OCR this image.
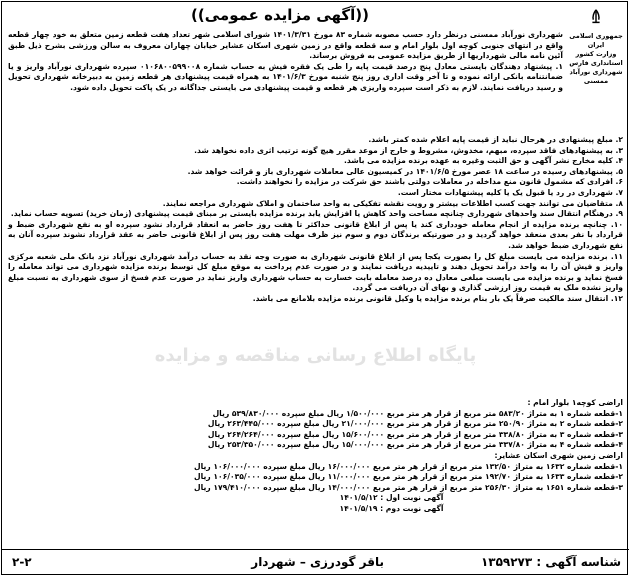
جمهوری اسلامی ایران
وزارت کشور
استانداری فارس
شهرداری نورآباد ممسنی
((آگهی مزایده عمومی))

شهرداری نورآباد ممسنی درنظر دارد حسب مصوبه شماره ۸۳ مورخ ۱۴۰۱/۳/۳۱ شورای اسلامی شهر تعداد هفت قطعه زمین متعلق به خود چهار قطعه واقع در انتهای جنوبی کوچه اول بلوار امام و سه قطعه واقع در زمین شهری اسکان عشایر خیابان چهاران معروف به سالن ورزشی بشرح ذیل طبق آئین نامه مالی شهرداریها از طریق مزایده عمومی به فروش برساند.

۱. پیشنهاد دهندگان بایستی معادل پنج درصد قیمت پایه را طی یک فقره فیش به حساب شماره ۰۱۰۶۸۰۰۵۹۹۰۰۸ سپرده شهرداری نورآباد واریز و یا ضمانتنامه بانکی ارائه نموده و تا آخر وقت اداری روز پنج شنبه مورخ ۱۴۰۱/۶/۳ به همراه قیمت پیشنهادی هر قطعه زمین به دبیرخانه شهرداری تحویل و رسید دریافت نمایند. لازم به ذکر است سپرده واریزی هر قطعه و قیمت پیشنهادی می بایستی جداگانه در یک پاکت تحویل داده شود.

۲. مبلغ پیشنهادی در هرحال نباید از قیمت پایه اعلام شده کمتر باشد.

۳. به پیشنهادهای فاقد سپرده، مبهم، مخدوش، مشروط و خارج از موعد مقرر هیچ گونه ترتیب اثری داده نخواهد شد.

۴. کلیه مخارج نشر آگهی و حق الثبت وغیره به عهده برنده مزایده می باشد.

۵. پیشنهادهای رسیده در ساعت ۱۸ عصر مورخ ۱۴۰۱/۶/۵ در کمیسیون عالی معاملات شهرداری باز و قرائت خواهد شد.

۶. افرادی که مشمول قانون منع مداخله در معاملات دولتی باشند حق شرکت در مزایده را نخواهند داشت.

۷. شهرداری در رد یا قبول یک یا کلیه پیشنهادات مختار است.

۸. متقاضیان می توانند جهت کسب اطلاعات بیشتر و رویت نقشه تفکیکی به واحد ساختمان و املاک شهرداری مراجعه نمایند.

۹. درهنگام انتقال سند واحدهای شهرداری چنانچه مساحت واحد کاهش یا افزایش یابد برنده مزایده بایستی بر مبنای قیمت پیشنهادی (زمان خرید) تسویه حساب نماید.

۱۰. چنانچه برنده مزایده از انجام معامله خودداری کند یا پس از ابلاغ قانونی حداکثر تا هفت روز حاضر به انعقاد قرارداد نشود سپرده او به نفع شهرداری ضبط و قرارداد با نفر بعدی منعقد خواهد گردید و در صورتیکه برندگان دوم و سوم نیز ظرف مهلت هفت روز پس از ابلاغ قانونی حاضر به عقد قرارداد نشوند سپرده آنان به نفع شهرداری ضبط خواهد شد.

۱۱. برنده مزایده می بایست مبلغ کل را بصورت یکجا پس از ابلاغ قانونی شهرداری به صورت وجه نقد به حساب درآمد شهرداری نورآباد نزد بانک ملی شعبه مرکزی واریز و فیش آن را به واحد درآمد تحویل دهند و تاییدیه دریافت نمایند و در صورت عدم پرداخت به موقع مبلغ کل توسط برنده مزایده شهرداری می تواند معامله را فسخ نماید و برنده مزایده می بایست مبلغی معادل ده درصد معامله بابت خسارت به حساب شهرداری واریز نماید در صورت عدم فسخ از سوی شهرداری به نسبت مبلغ واریز نشده ملک به قیمت روز ارزشی گذاری و بهای آن دریافت می گردد.

۱۲. انتقال سند مالکیت صرفاً یک بار بنام برنده مزایده یا وکیل قانونی برنده مزایده بلامانع می باشد.

پایگاه اطلاع رسانی مناقصه و مزایده

اراضی کوچه۱ بلوار امام :

۱-قطعه شماره ۱ به متراژ ۵۸۳/۲۰ متر مربع از قرار هر متر مربع ۱/۵۰۰/۰۰۰ ریال مبلغ سپرده ۵۳۹/۸۳۰/۰۰۰ ریال

۲-قطعه شماره ۲ به متراژ ۲۵۰/۹۰ متر مربع از قرار هر متر مربع ۲۱/۰۰۰/۰۰۰ ریال مبلغ سپرده ۲۶۳/۴۴۵/۰۰۰ ریال

۳-قطعه شماره ۳ به متراژ ۳۳۸/۸۰ متر مربع از قرار هر متر مربع ۱۵/۶۰۰/۰۰۰ ریال مبلغ سپرده ۲۶۴/۲۶۴/۰۰۰ ریال

۴-قطعه شماره ۴ به متراژ ۳۳۷/۸۰ متر مربع از قرار هر متر مربع ۱۵/۰۰۰/۰۰۰ ریال مبلغ سپرده ۲۵۳/۳۵۰/۰۰۰ ریال

اراضی زمین شهری اسکان عشایر:

۱-قطعه شماره ۱۶۳۲ به متراژ ۱۳۲/۵۰ متر مربع از قرار هر متر مربع ۱۶/۰۰۰/۰۰۰ ریال مبلغ سپرده ۱۰۶/۰۰۰/۰۰۰ ریال

۲-قطعه شماره ۱۶۳۳ به متراژ ۱۹۲/۷۰ متر مربع از قرار هر متر مربع ۱۱/۰۰۰/۰۰۰ ریال مبلغ سپرده ۱۰۶/۰۳۵/۰۰۰ ریال

۳-قطعه شماره ۱۶۵۱ به متراژ ۲۵۶/۳۰ متر مربع از قرار هر متر مربع ۱۴/۰۰۰/۰۰۰ ریال مبلغ سپرده ۱۷۹/۴۱۰/۰۰۰ ریال

آگهی نوبت اول : ۱۴۰۱/۵/۱۲

آگهی نوبت دوم : ۱۴۰۱/۵/۱۹

شناسه آگهی : ۱۳۵۹۲۷۳
باقر گودرزی – شهردار
۲-۲
